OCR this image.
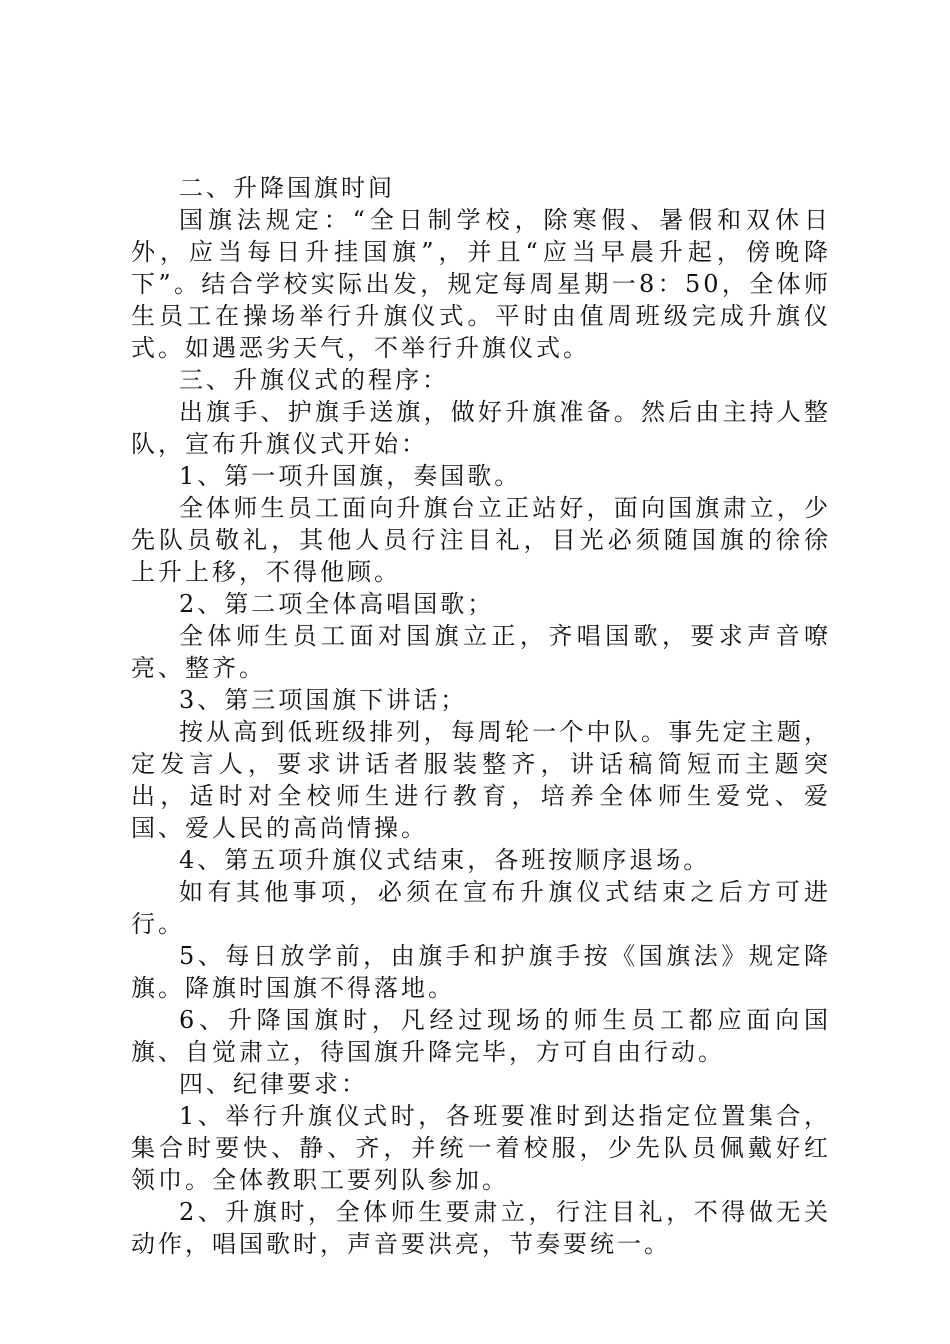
二、升降国旗时间

国旗法规定：“全日制学校，除寒假、暑假和双休日外，应当每日升挂国旗”，并且“应当早晨升起，傍晚降下”。结合学校实际出发，规定每周星期一8：50，全体师生员工在操场举行升旗仪式。平时由值周班级完成升旗仪式。如遇恶劣天气，不举行升旗仪式。

三、升旗仪式的程序：

出旗手、护旗手送旗，做好升旗准备。然后由主持人整队，宣布升旗仪式开始：

1、第一项升国旗，奏国歌。

全体师生员工面向升旗台立正站好，面向国旗肃立，少先队员敬礼，其他人员行注目礼，目光必须随国旗的徐徐上升上移，不得他顾。

2、第二项全体高唱国歌；

全体师生员工面对国旗立正，齐唱国歌，要求声音嘹亮、整齐。

3、第三项国旗下讲话；

按从高到低班级排列，每周轮一个中队。事先定主题，定发言人，要求讲话者服装整齐，讲话稿简短而主题突出，适时对全校师生进行教育，培养全体师生爱党、爱国、爱人民的高尚情操。

4、第五项升旗仪式结束，各班按顺序退场。

如有其他事项，必须在宣布升旗仪式结束之后方可进行。

5、每日放学前，由旗手和护旗手按《国旗法》规定降旗。降旗时国旗不得落地。

6、升降国旗时，凡经过现场的师生员工都应面向国旗、自觉肃立，待国旗升降完毕，方可自由行动。

四、纪律要求：

1、举行升旗仪式时，各班要准时到达指定位置集合，集合时要快、静、齐，并统一着校服，少先队员佩戴好红领巾。全体教职工要列队参加。

2、升旗时，全体师生要肃立，行注目礼，不得做无关动作，唱国歌时，声音要洪亮，节奏要统一。
